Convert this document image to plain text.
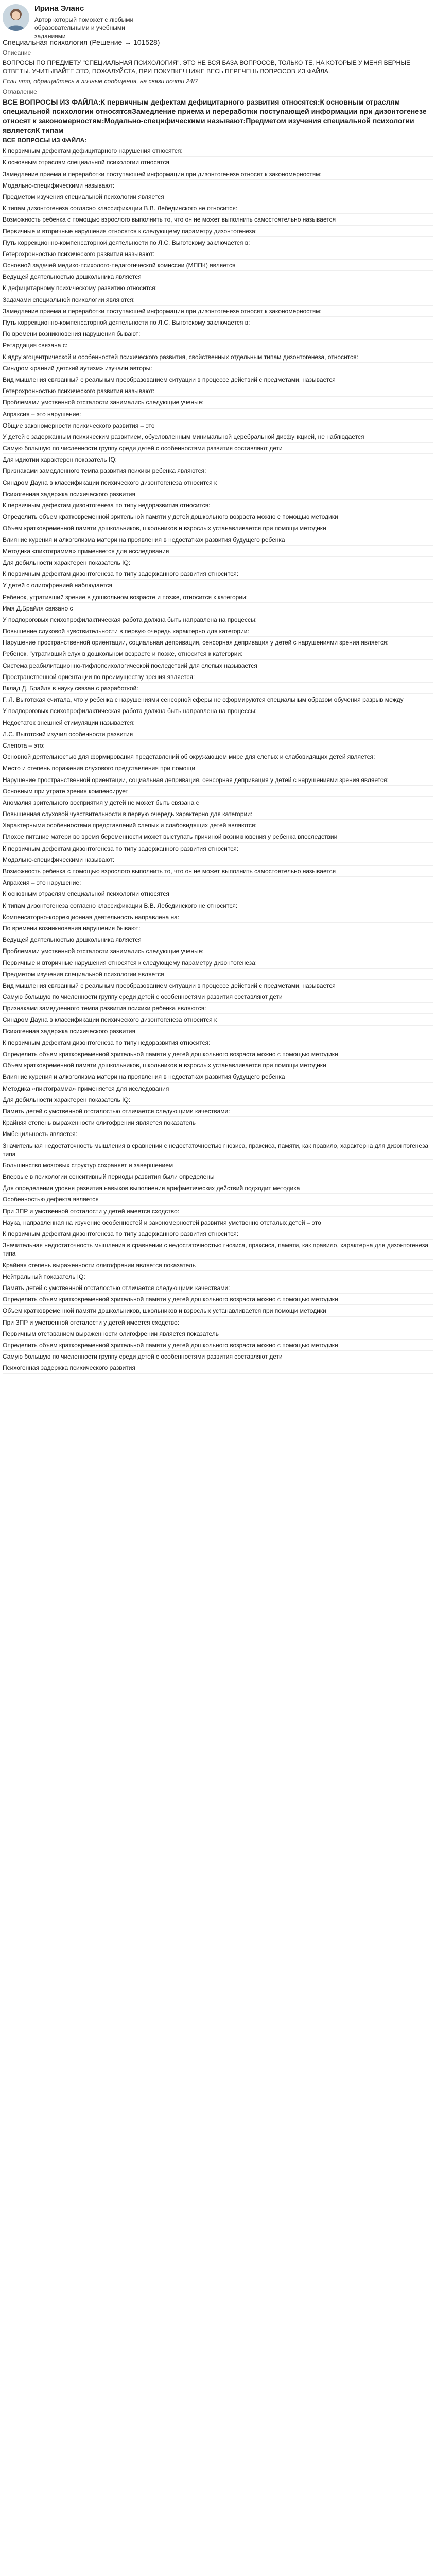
Ирина Эланс
Автор который поможет с любыми образовательными и учебными заданиями
Специальная психология (Решение → 101528)
Описание
ВОПРОСЫ ПО ПРЕДМЕТУ "СПЕЦИАЛЬНАЯ ПСИХОЛОГИЯ". ЭТО НЕ ВСЯ БАЗА ВОПРОСОВ, ТОЛЬКО ТЕ, НА КОТОРЫЕ У МЕНЯ ВЕРНЫЕ ОТВЕТЫ. УЧИТЫВАЙТЕ ЭТО, ПОЖАЛУЙСТА, ПРИ ПОКУПКЕ! НИЖЕ ВЕСЬ ПЕРЕЧЕНЬ ВОПРОСОВ ИЗ ФАЙЛА.
Если что, обращайтесь в личные сообщения, на связи почти 24/7
Оглавление
ВСЕ ВОПРОСЫ ИЗ ФАЙЛА:К первичным дефектам дефицитарного развития относятся:К основным отраслям специальной психологии относятсяЗамедление приема и переработки поступающей информации при дизонтогенезе относят к закономерностям:Модально-специфическими называют:Предметом изучения специальной психологии являетсяК типам
ВСЕ ВОПРОСЫ ИЗ ФАЙЛА:
К первичным дефектам дефицитарного нарушения относятся:
К основным отраслям специальной психологии относятся
Замедление приема и переработки поступающей информации при дизонтогенезе относят к закономерностям:
Модально-специфическими называют:
Предметом изучения специальной психологии является
К типам дизонтогенеза согласно классификации В.В. Лебединского не относится:
Возможность ребенка с помощью взрослого выполнить то, что он не может выполнить самостоятельно называется
Первичные и вторичные нарушения относятся к следующему параметру дизонтогенеза:
Путь коррекционно-компенсаторной деятельности по Л.С. Выготскому заключается в:
Гетерохронностью психического развития называют:
Основной задачей медико-психолого-педагогической комиссии (МППК) является
Ведущей деятельностью дошкольника является
К дефицитарному психическому развитию относится:
Задачами специальной психологии являются:
Замедление приема и переработки поступающей информации при дизонтогенезе относят к закономерностям:
Путь коррекционно-компенсаторной деятельности по Л.С. Выготскому заключается в:
По времени возникновения нарушения бывают:
Ретардация связана с:
К ядру эгоцентрической и особенностей психического развития, свойственных отдельным типам дизонтогенеза, относится:
Синдром «ранний детский аутизм» изучали авторы:
Вид мышления связанный с реальным преобразованием ситуации в процессе действий с предметами, называется
Гетерохронностью психического развития называют:
Проблемами умственной отсталости занимались следующие ученые:
Апраксия – это нарушение:
Общие закономерности психического развития – это
У детей с задержанным психическим развитием, обусловленным минимальной церебральной дисфункцией, не наблюдается
Самую большую по численности группу среди детей с особенностями развития составляют дети
Для идиотии характерен показатель IQ:
Признаками замедленного темпа развития психики ребенка являются:
Синдром Дауна в классификации психического дизонтогенеза относится к
Психогенная задержка психического развития
К первичным дефектам дизонтогенеза по типу недоразвития относится:
Определить объем кратковременной зрительной памяти у детей дошкольного возраста можно с помощью методики
Объем кратковременной памяти дошкольников, школьников и взрослых устанавливается при помощи методики
Влияние курения и алкоголизма матери на проявления в недостатках развития будущего ребенка
Методика «пиктограмма» применяется для исследования
Для дебильности характерен показатель IQ:
К первичным дефектам дизонтогенеза по типу задержанного развития относится:
У детей с олигофренией наблюдается
Ребенок, утративший зрение в дошкольном возрасте и позже, относится к категории:
Имя Д.Брайля связано с
У подпороговых психопрофилактическая работа должна быть направлена на процессы:
Повышение слуховой чувствительности в первую очередь характерно для категории:
Нарушение пространственной ориентации, социальная депривация, сенсорная депривация у детей с нарушениями зрения является:
Ребенок, "утративший слух в дошкольном возрасте и позже, относится к категории:
Система реабилитационно-тифлопсихологической последствий для слепых называется
Пространственной ориентации по преимуществу зрения является:
Вклад Д. Брайля в науку связан с разработкой:
Г. Л. Выготская считала, что у ребенка с нарушениями сенсорной сферы не сформируются специальным образом обучения разрыв между
У подпороговых психопрофилактическая работа должна быть направлена на процессы:
Недостаток внешней стимуляции называется:
Л.С. Выготский изучил особенности развития
Слепота – это:
Основной деятельностью для формирования представлений об окружающем мире для слепых и слабовидящих детей является:
Место и степень поражения слухового представления при помощи
Нарушение пространственной ориентации, социальная депривация, сенсорная депривация у детей с нарушениями зрения является:
Основным при утрате зрения компенсирует
Аномалия зрительного восприятия у детей не может быть связана с
Повышенная слуховой чувствительности в первую очередь характерно для категории:
Характерными особенностями представлений слепых и слабовидящих детей являются:
Плохое питание матери во время беременности может выступать причиной возникновения у ребенка впоследствии
К первичным дефектам дизонтогенеза по типу задержанного развития относится:
Модально-специфическими называют:
Возможность ребенка с помощью взрослого выполнить то, что он не может выполнить самостоятельно называется
Апраксия – это нарушение:
К основным отраслям специальной психологии относятся
К типам дизонтогенеза согласно классификации В.В. Лебединского не относится:
Компенсаторно-коррекционная деятельность направлена на:
По времени возникновения нарушения бывают:
Ведущей деятельностью дошкольника является
Проблемами умственной отсталости занимались следующие ученые:
Первичные и вторичные нарушения относятся к следующему параметру дизонтогенеза:
Предметом изучения специальной психологии является
Вид мышления связанный с реальным преобразованием ситуации в процессе действий с предметами, называется
Самую большую по численности группу среди детей с особенностями развития составляют дети
Признаками замедленного темпа развития психики ребенка являются:
Синдром Дауна в классификации психического дизонтогенеза относится к
Психогенная задержка психического развития
К первичным дефектам дизонтогенеза по типу недоразвития относится:
Определить объем кратковременной зрительной памяти у детей дошкольного возраста можно с помощью методики
Объем кратковременной памяти дошкольников, школьников и взрослых устанавливается при помощи методики
Влияние курения и алкоголизма матери на проявления в недостатках развития будущего ребенка
Методика «пиктограмма» применяется для исследования
Для дебильности характерен показатель IQ:
Память детей с умственной отсталостью отличается следующими качествами:
Крайняя степень выраженности олигофрении является показатель
Имбецильность является:
Значительная недостаточность мышления в сравнении с недостаточностью гнозиса, праксиса, памяти, как правило, характерна для дизонтогенеза типа
Большинство мозговых структур сохраняет и завершением
Впервые в психологии сенситивный периоды развития были определены
Для определения уровня развития навыков выполнения арифметических действий подходит методика
Особенностью дефекта является
При ЗПР и умственной отсталости у детей имеется сходство:
Наука, направленная на изучение особенностей и закономерностей развития умственно отсталых детей – это
К первичным дефектам дизонтогенеза по типу задержанного развития относится:
Значительная недостаточность мышления в сравнении с недостаточностью гнозиса, праксиса, памяти, как правило, характерна для дизонтогенеза типа
Крайняя степень выраженности олигофрении является показатель
Нейтральный показатель IQ:
Память детей с умственной отсталостью отличается следующими качествами:
Определить объем кратковременной зрительной памяти у детей дошкольного возраста можно с помощью методики
Объем кратковременной памяти дошкольников, школьников и взрослых устанавливается при помощи методики
При ЗПР и умственной отсталости у детей имеется сходство:
Первичным отставанием выраженности олигофрении является показатель
Определить объем кратковременной зрительной памяти у детей дошкольного возраста можно с помощью методики
Самую большую по численности группу среди детей с особенностями развития составляют дети
Психогенная задержка психического развития
